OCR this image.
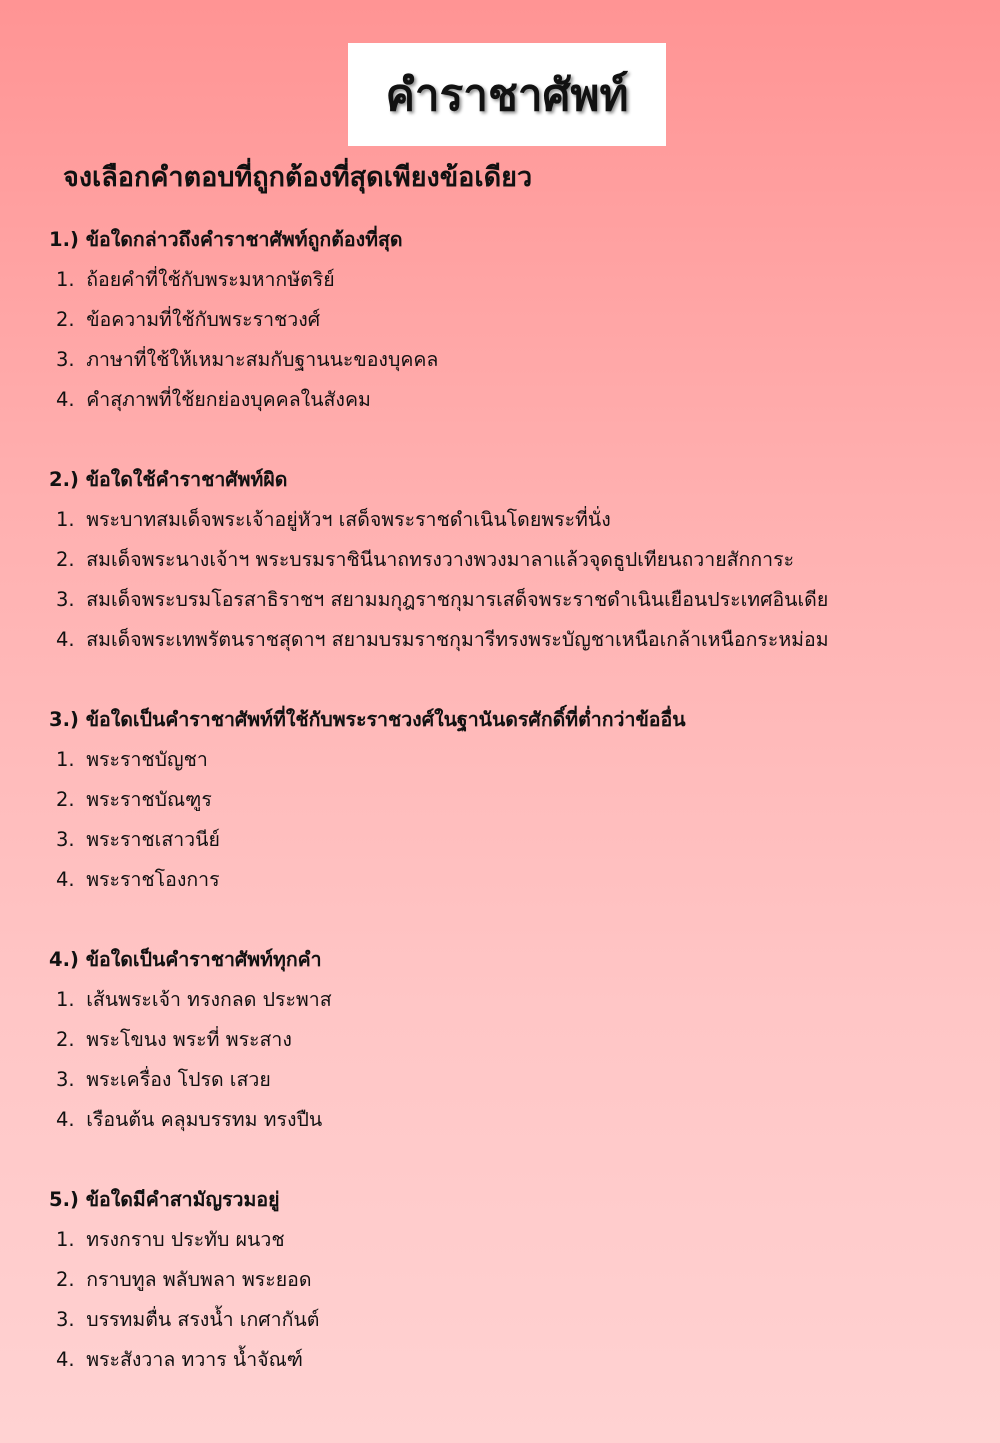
คำราชาศัพท์
จงเลือกคำตอบที่ถูกต้องที่สุดเพียงข้อเดียว
1.) ข้อใดกล่าวถึงคำราชาศัพท์ถูกต้องที่สุด
1. ถ้อยคำที่ใช้กับพระมหากษัตริย์
2. ข้อความที่ใช้กับพระราชวงศ์
3. ภาษาที่ใช้ให้เหมาะสมกับฐานนะของบุคคล
4. คำสุภาพที่ใช้ยกย่องบุคคลในสังคม
2.) ข้อใดใช้คำราชาศัพท์ผิด
1. พระบาทสมเด็จพระเจ้าอยู่หัวฯ เสด็จพระราชดำเนินโดยพระที่นั่ง
2. สมเด็จพระนางเจ้าฯ พระบรมราชินีนาถทรงวางพวงมาลาแล้วจุดธูปเทียนถวายสักการะ
3. สมเด็จพระบรมโอรสาธิราชฯ สยามมกุฎราชกุมารเสด็จพระราชดำเนินเยือนประเทศอินเดีย
4. สมเด็จพระเทพรัตนราชสุดาฯ สยามบรมราชกุมารีทรงพระบัญชาเหนือเกล้าเหนือกระหม่อม
3.) ข้อใดเป็นคำราชาศัพท์ที่ใช้กับพระราชวงศ์ในฐานันดรศักดิ์ที่ต่ำกว่าข้ออื่น
1. พระราชบัญชา
2. พระราชบัณฑูร
3. พระราชเสาวนีย์
4. พระราชโองการ
4.) ข้อใดเป็นคำราชาศัพท์ทุกคำ
1. เส้นพระเจ้า ทรงกลด ประพาส
2. พระโขนง พระที่ พระสาง
3. พระเครื่อง โปรด เสวย
4. เรือนต้น คลุมบรรทม ทรงปืน
5.) ข้อใดมีคำสามัญรวมอยู่
1. ทรงกราบ ประทับ ผนวช
2. กราบทูล พลับพลา พระยอด
3. บรรทมตื่น สรงน้ำ เกศากันต์
4. พระสังวาล ทวาร น้ำจัณฑ์
